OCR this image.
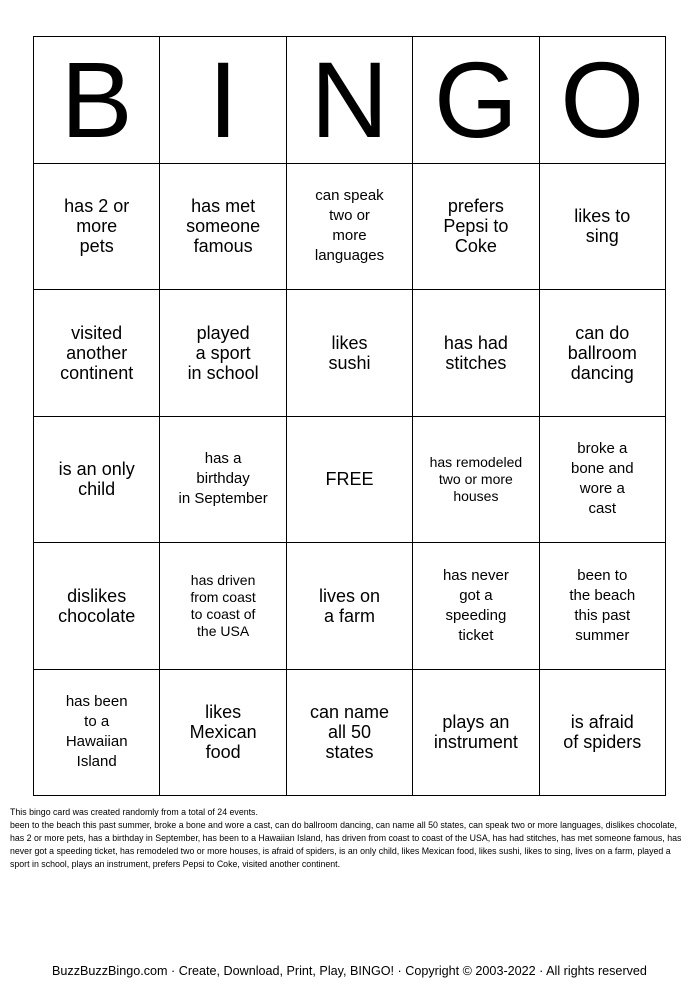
B I N G O
has 2 or
more
pets
has met
someone
famous
can speak
two or
more
languages
prefers
Pepsi to
Coke
likes to
sing
visited
another
continent
played
a sport
in school
likes
sushi
has had
stitches
can do
ballroom
dancing
is an only
child
has a
birthday
in September
FREE
has remodeled
two or more
houses
broke a
bone and
wore a
cast
dislikes
chocolate
has driven
from coast
to coast of
the USA
lives on
a farm
has never
got a
speeding
ticket
been to
the beach
this past
summer
has been
to a
Hawaiian
Island
likes
Mexican
food
can name
all 50
states
plays an
instrument
is afraid
of spiders
This bingo card was created randomly from a total of 24 events.
been to the beach this past summer, broke a bone and wore a cast, can do ballroom dancing, can name all 50 states, can speak two or more languages, dislikes chocolate, has 2 or more pets, has a birthday in September, has been to a Hawaiian Island, has driven from coast to coast of the USA, has had stitches, has met someone famous, has never got a speeding ticket, has remodeled two or more houses, is afraid of spiders, is an only child, likes Mexican food, likes sushi, likes to sing, lives on a farm, played a sport in school, plays an instrument, prefers Pepsi to Coke, visited another continent.
BuzzBuzzBingo.com · Create, Download, Print, Play, BINGO! · Copyright © 2003-2022 · All rights reserved
